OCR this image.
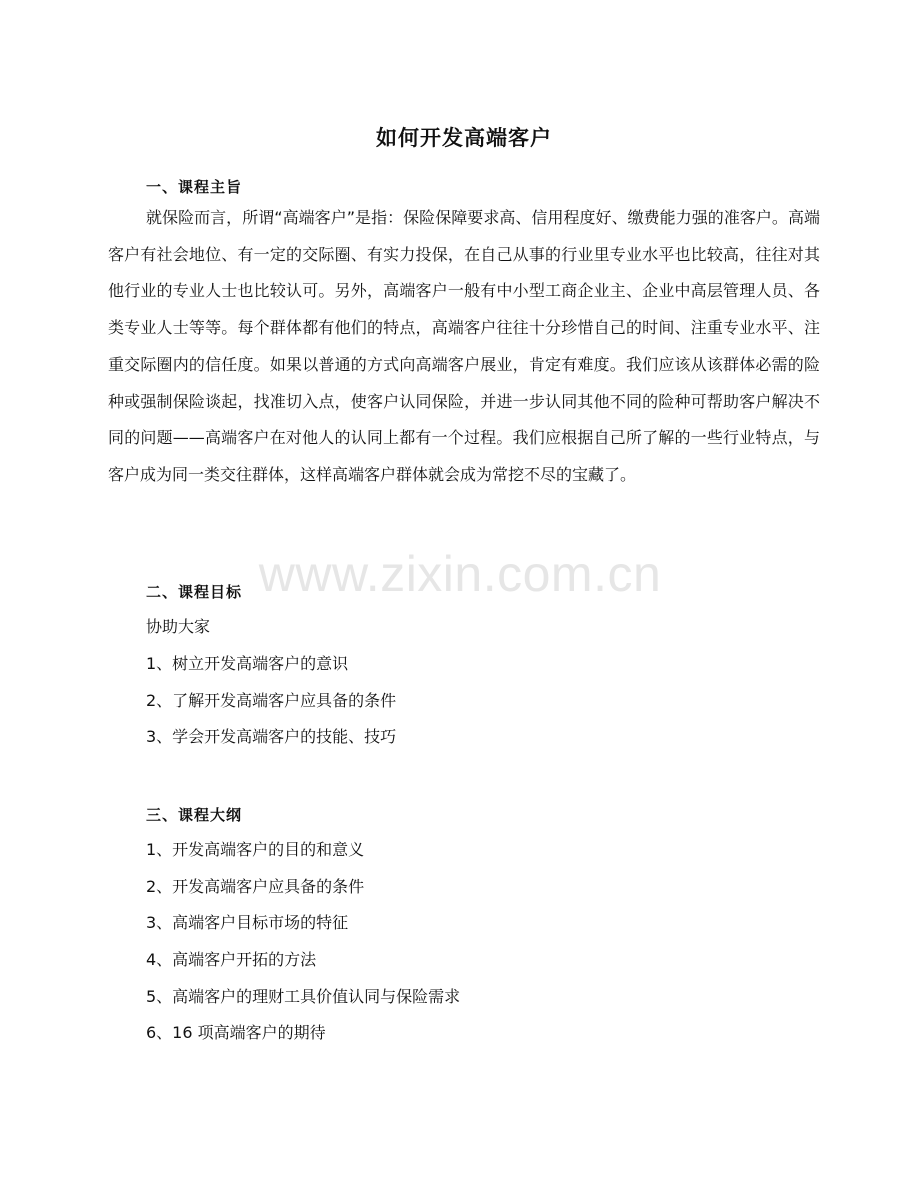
www.zixin.com.cn
如何开发高端客户
一、课程主旨
就保险而言，所谓“高端客户”是指：保险保障要求高、信用程度好、缴费能力强的准客户。高端客户有社会地位、有一定的交际圈、有实力投保，在自己从事的行业里专业水平也比较高，往往对其他行业的专业人士也比较认可。另外，高端客户一般有中小型工商企业主、企业中高层管理人员、各类专业人士等等。每个群体都有他们的特点，高端客户往往十分珍惜自己的时间、注重专业水平、注重交际圈内的信任度。如果以普通的方式向高端客户展业，肯定有难度。我们应该从该群体必需的险种或强制保险谈起，找准切入点，使客户认同保险，并进一步认同其他不同的险种可帮助客户解决不同的问题——高端客户在对他人的认同上都有一个过程。我们应根据自己所了解的一些行业特点，与客户成为同一类交往群体，这样高端客户群体就会成为常挖不尽的宝藏了。
二、课程目标
协助大家
1、树立开发高端客户的意识
2、了解开发高端客户应具备的条件
3、学会开发高端客户的技能、技巧
三、课程大纲
1、开发高端客户的目的和意义
2、开发高端客户应具备的条件
3、高端客户目标市场的特征
4、高端客户开拓的方法
5、高端客户的理财工具价值认同与保险需求
6、16 项高端客户的期待
